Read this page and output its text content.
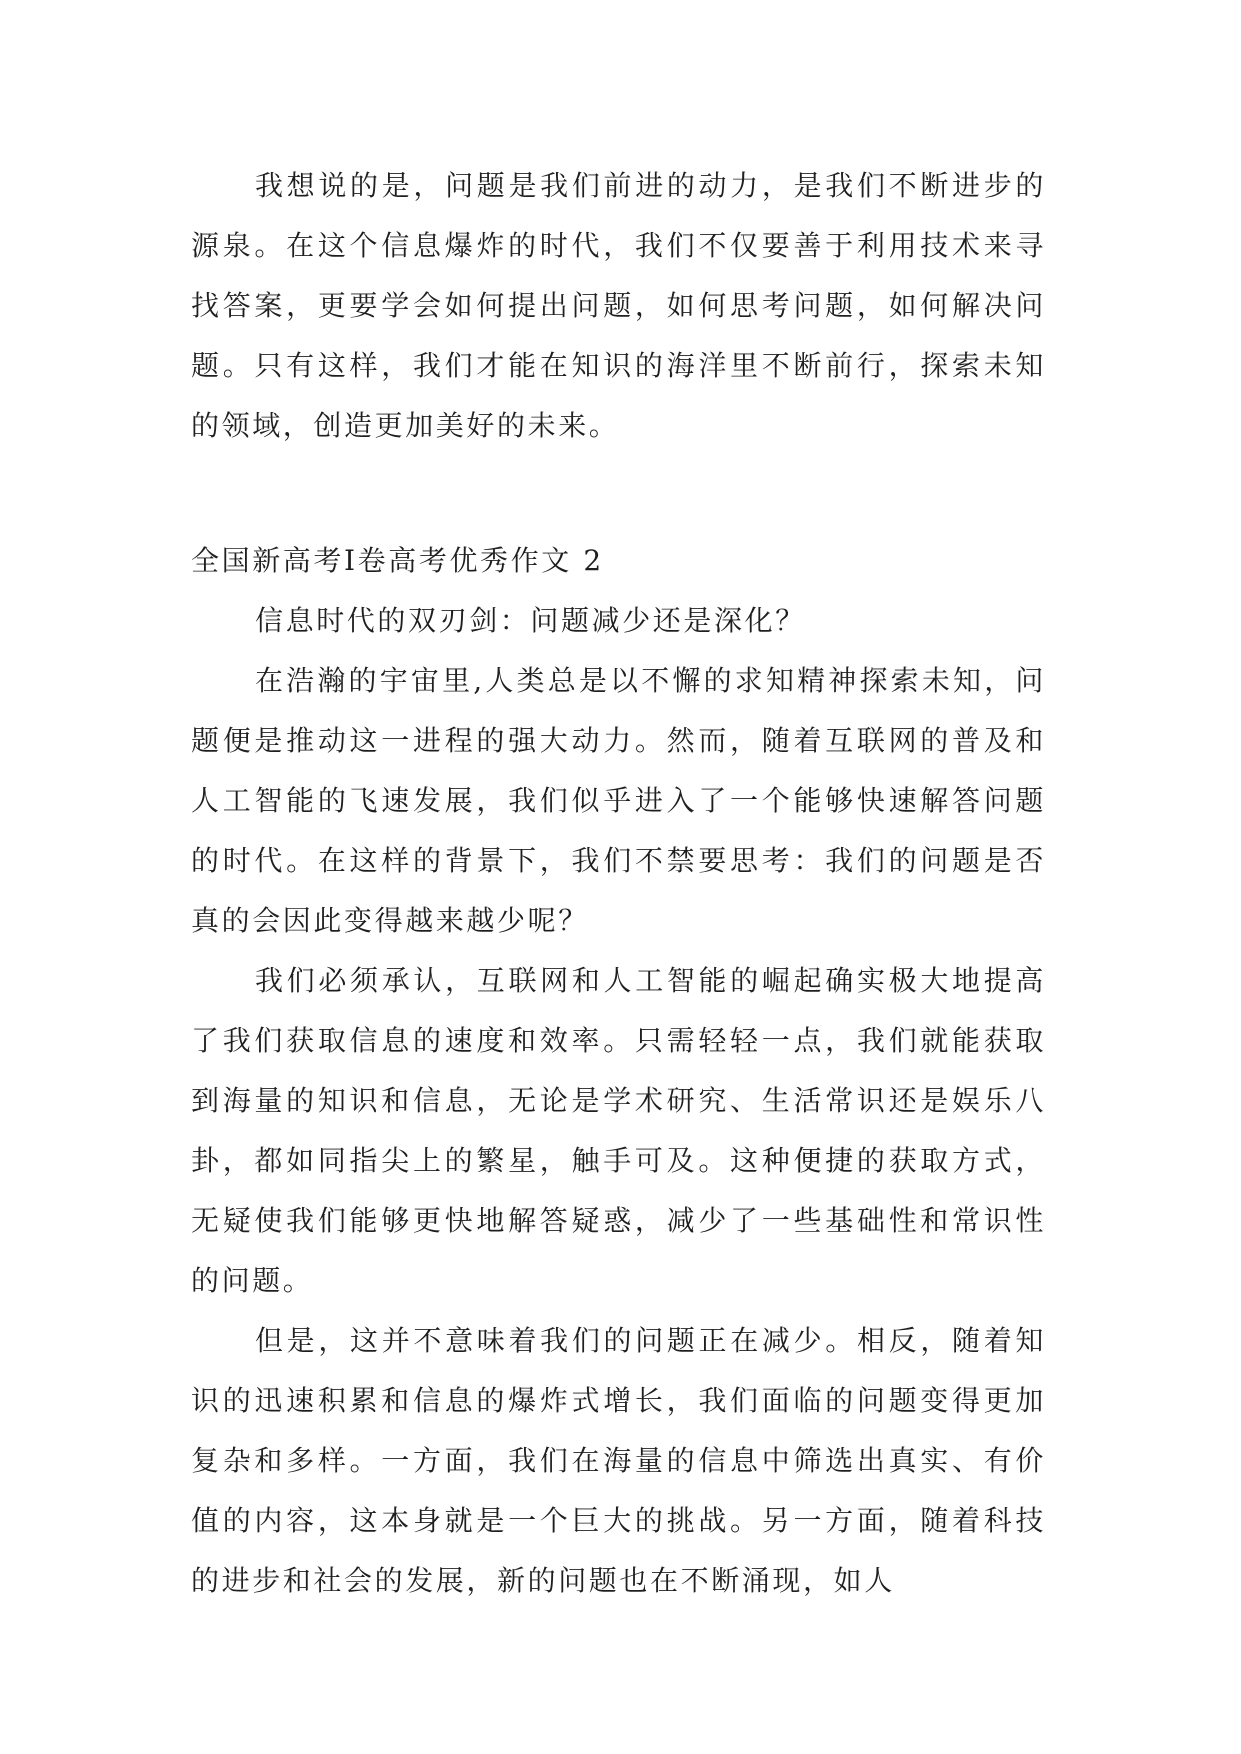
我想说的是，问题是我们前进的动力，是我们不断进步的源泉。在这个信息爆炸的时代，我们不仅要善于利用技术来寻找答案，更要学会如何提出问题，如何思考问题，如何解决问题。只有这样，我们才能在知识的海洋里不断前行，探索未知的领域，创造更加美好的未来。

全国新高考Ⅰ卷高考优秀作文 2

信息时代的双刃剑：问题减少还是深化？

在浩瀚的宇宙里,人类总是以不懈的求知精神探索未知，问题便是推动这一进程的强大动力。然而，随着互联网的普及和人工智能的飞速发展，我们似乎进入了一个能够快速解答问题的时代。在这样的背景下，我们不禁要思考：我们的问题是否真的会因此变得越来越少呢？

我们必须承认，互联网和人工智能的崛起确实极大地提高了我们获取信息的速度和效率。只需轻轻一点，我们就能获取到海量的知识和信息，无论是学术研究、生活常识还是娱乐八卦，都如同指尖上的繁星，触手可及。这种便捷的获取方式，无疑使我们能够更快地解答疑惑，减少了一些基础性和常识性的问题。

但是，这并不意味着我们的问题正在减少。相反，随着知识的迅速积累和信息的爆炸式增长，我们面临的问题变得更加复杂和多样。一方面，我们在海量的信息中筛选出真实、有价值的内容，这本身就是一个巨大的挑战。另一方面，随着科技的进步和社会的发展，新的问题也在不断涌现，如人
